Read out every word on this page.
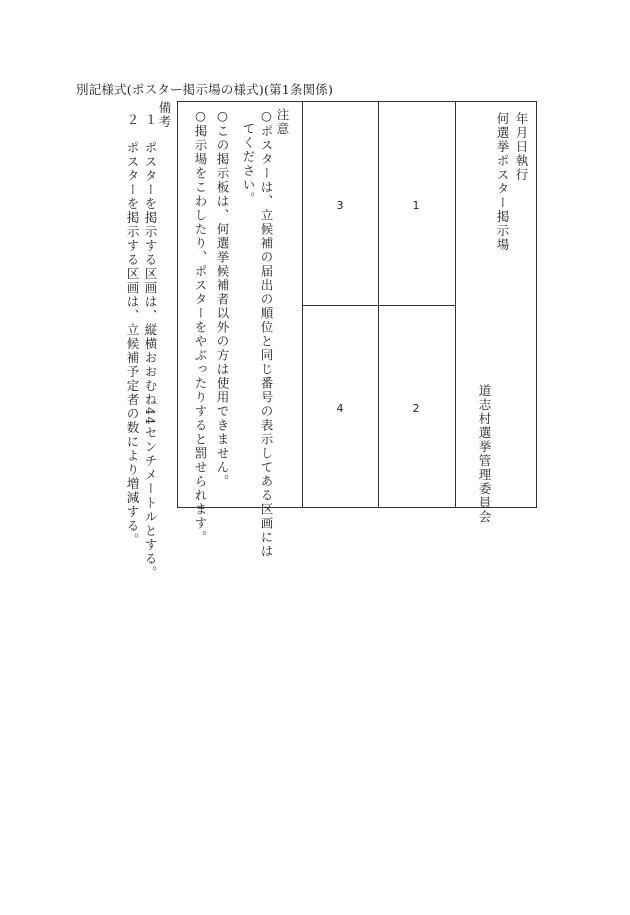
別記様式(ポスター掲示場の様式)(第1条関係)
注意
○ポスターは、立候補の届出の順位と同じ番号の表示してある区画には
　てください。
○この掲示板は、何選挙候補者以外の方は使用できません。
○掲示場をこわしたり、ポスターをやぶったりすると罰せられます。	1
2
3
4
年月日執行
何選挙ポスター掲示場
道志村選挙管理委員会
備考
１　ポスターを掲示する区画は、縦横おおむね44センチメートルとする。
２　ポスターを掲示する区画は、立候補予定者の数により増減する。
